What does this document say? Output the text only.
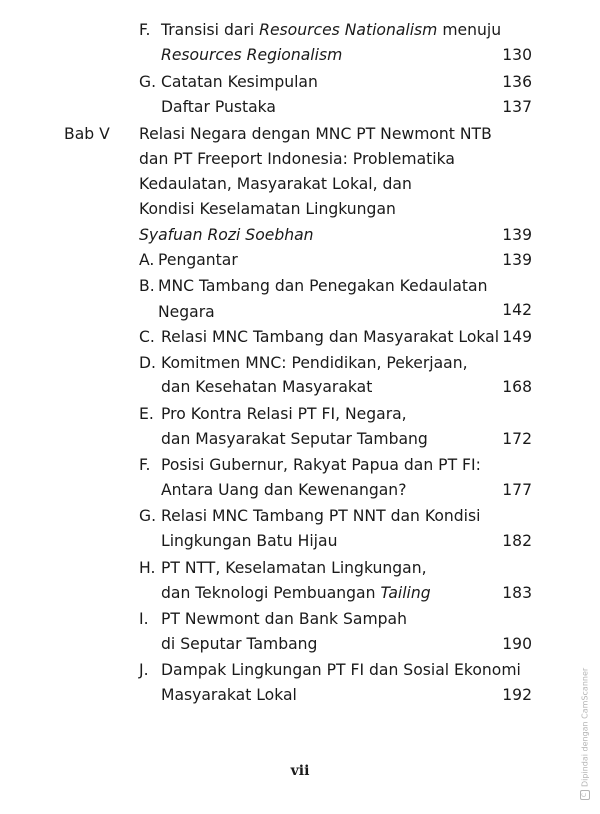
F. Transisi dari Resources Nationalism menuju
Resources Regionalism	130
G. Catatan Kesimpulan	136
Daftar Pustaka	137
Bab V Relasi Negara dengan MNC PT Newmont NTB
dan PT Freeport Indonesia: Problematika
Kedaulatan, Masyarakat Lokal, dan
Kondisi Keselamatan Lingkungan
Syafuan Rozi Soebhan	139
A. Pengantar	139
B. MNC Tambang dan Penegakan Kedaulatan
Negara	142
C. Relasi MNC Tambang dan Masyarakat Lokal 149
D. Komitmen MNC: Pendidikan, Pekerjaan,
dan Kesehatan Masyarakat	168
E. Pro Kontra Relasi PT FI, Negara,
dan Masyarakat Seputar Tambang	172
F. Posisi Gubernur, Rakyat Papua dan PT FI:
Antara Uang dan Kewenangan?	177
G. Relasi MNC Tambang PT NNT dan Kondisi
Lingkungan Batu Hijau	182
H. PT NTT, Keselamatan Lingkungan,
dan Teknologi Pembuangan Tailing	183
I. PT Newmont dan Bank Sampah
di Seputar Tambang	190
J. Dampak Lingkungan PT FI dan Sosial Ekonomi
Masyarakat Lokal	192
vii
CDipindai dengan CamScanner
